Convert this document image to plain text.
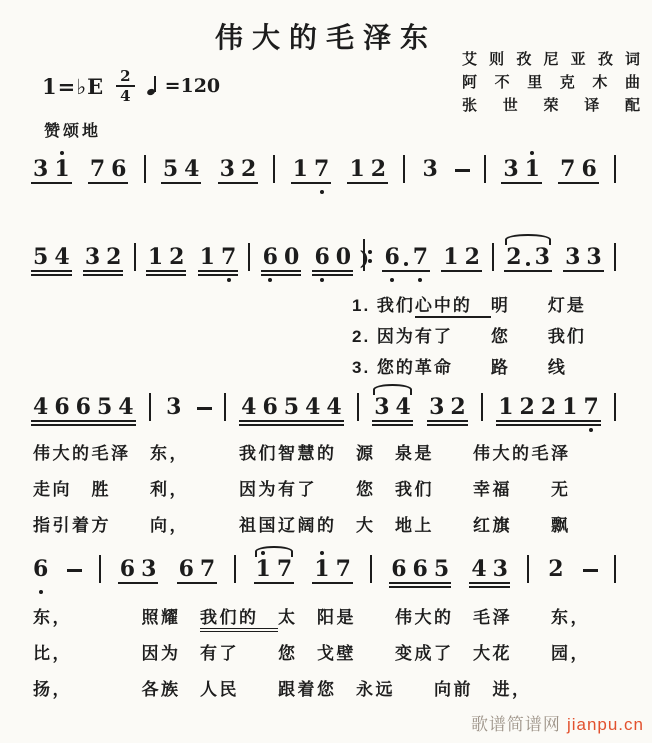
伟大的毛泽东
艾则孜尼亚孜词
阿不里克木曲
张世荣译配
1=♭E $\frac{2}{4} =120$
赞颂地
3 1 7 6 5 4 3 2 1 7 1 2 3	3 1 7 6
5 4 3 2 1 2 1 7 6 0 6 0 ) 6 7 1 2 2 3 3 3
4 6 6 5 4 3	4 6 5 4 4 3 4 3 2 1 2 2 1 7
6	6 3 6 7 1 7 1 7 6 6 5 4 3 2
1. 我们心中的　明　　灯是
2. 因为有了　　您　　我们
3. 您的革命　　路　　线
伟大的毛泽　东，　　　我们智慧的　源　泉是　　伟大的毛泽
走向　胜　　利，　　　因为有了　　您　我们　　幸福　　无
指引着方　　向，　　　祖国辽阔的　大　地上　　红旗　　飘
东，　　　　照耀　我们的　太　阳是　　伟大的　毛泽　　东，
比，　　　　因为　有了　　您　戈壁　　变成了　大花　　园，
扬，　　　　各族　人民　　跟着您　永远　　向前　进，
歌谱简谱网 jianpu.cn
